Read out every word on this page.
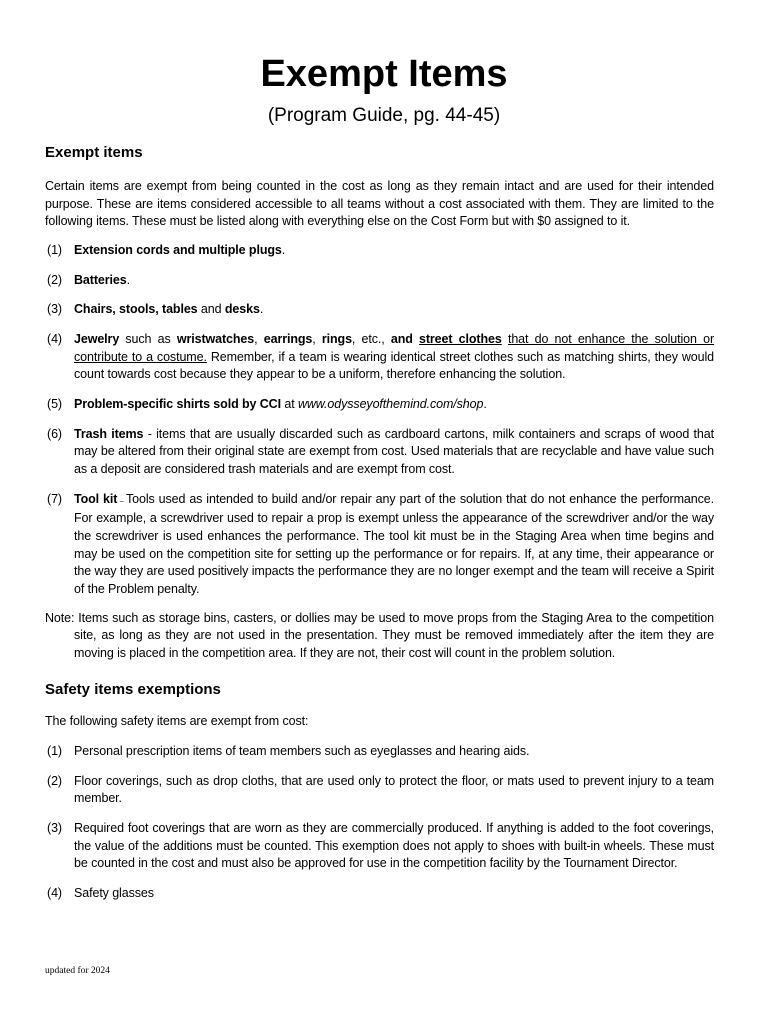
Exempt Items
(Program Guide, pg. 44-45)
Exempt items

Certain items are exempt from being counted in the cost as long as they remain intact and are used for their intended purpose. These are items considered accessible to all teams without a cost associated with them. They are limited to the following items. These must be listed along with everything else on the Cost Form but with $0 assigned to it.

(1) Extension cords and multiple plugs.
(2) Batteries.
(3) Chairs, stools, tables and desks.
(4) Jewelry such as wristwatches, earrings, rings, etc., and street clothes that do not enhance the solution or contribute to a costume. Remember, if a team is wearing identical street clothes such as matching shirts, they would count towards cost because they appear to be a uniform, therefore enhancing the solution.
(5) Problem-specific shirts sold by CCI at www.odysseyofthemind.com/shop.
(6) Trash items - items that are usually discarded such as cardboard cartons, milk containers and scraps of wood that may be altered from their original state are exempt from cost. Used materials that are recyclable and have value such as a deposit are considered trash materials and are exempt from cost.
(7) Tool kit – Tools used as intended to build and/or repair any part of the solution that do not enhance the performance. For example, a screwdriver used to repair a prop is exempt unless the appearance of the screwdriver and/or the way the screwdriver is used enhances the performance. The tool kit must be in the Staging Area when time begins and may be used on the competition site for setting up the performance or for repairs. If, at any time, their appearance or the way they are used positively impacts the performance they are no longer exempt and the team will receive a Spirit of the Problem penalty.

Note: Items such as storage bins, casters, or dollies may be used to move props from the Staging Area to the competition site, as long as they are not used in the presentation. They must be removed immediately after the item they are moving is placed in the competition area. If they are not, their cost will count in the problem solution.

Safety items exemptions

The following safety items are exempt from cost:

(1) Personal prescription items of team members such as eyeglasses and hearing aids.
(2) Floor coverings, such as drop cloths, that are used only to protect the floor, or mats used to prevent injury to a team member.
(3) Required foot coverings that are worn as they are commercially produced. If anything is added to the foot coverings, the value of the additions must be counted. This exemption does not apply to shoes with built-in wheels. These must be counted in the cost and must also be approved for use in the competition facility by the Tournament Director.
(4) Safety glasses
updated for 2024
